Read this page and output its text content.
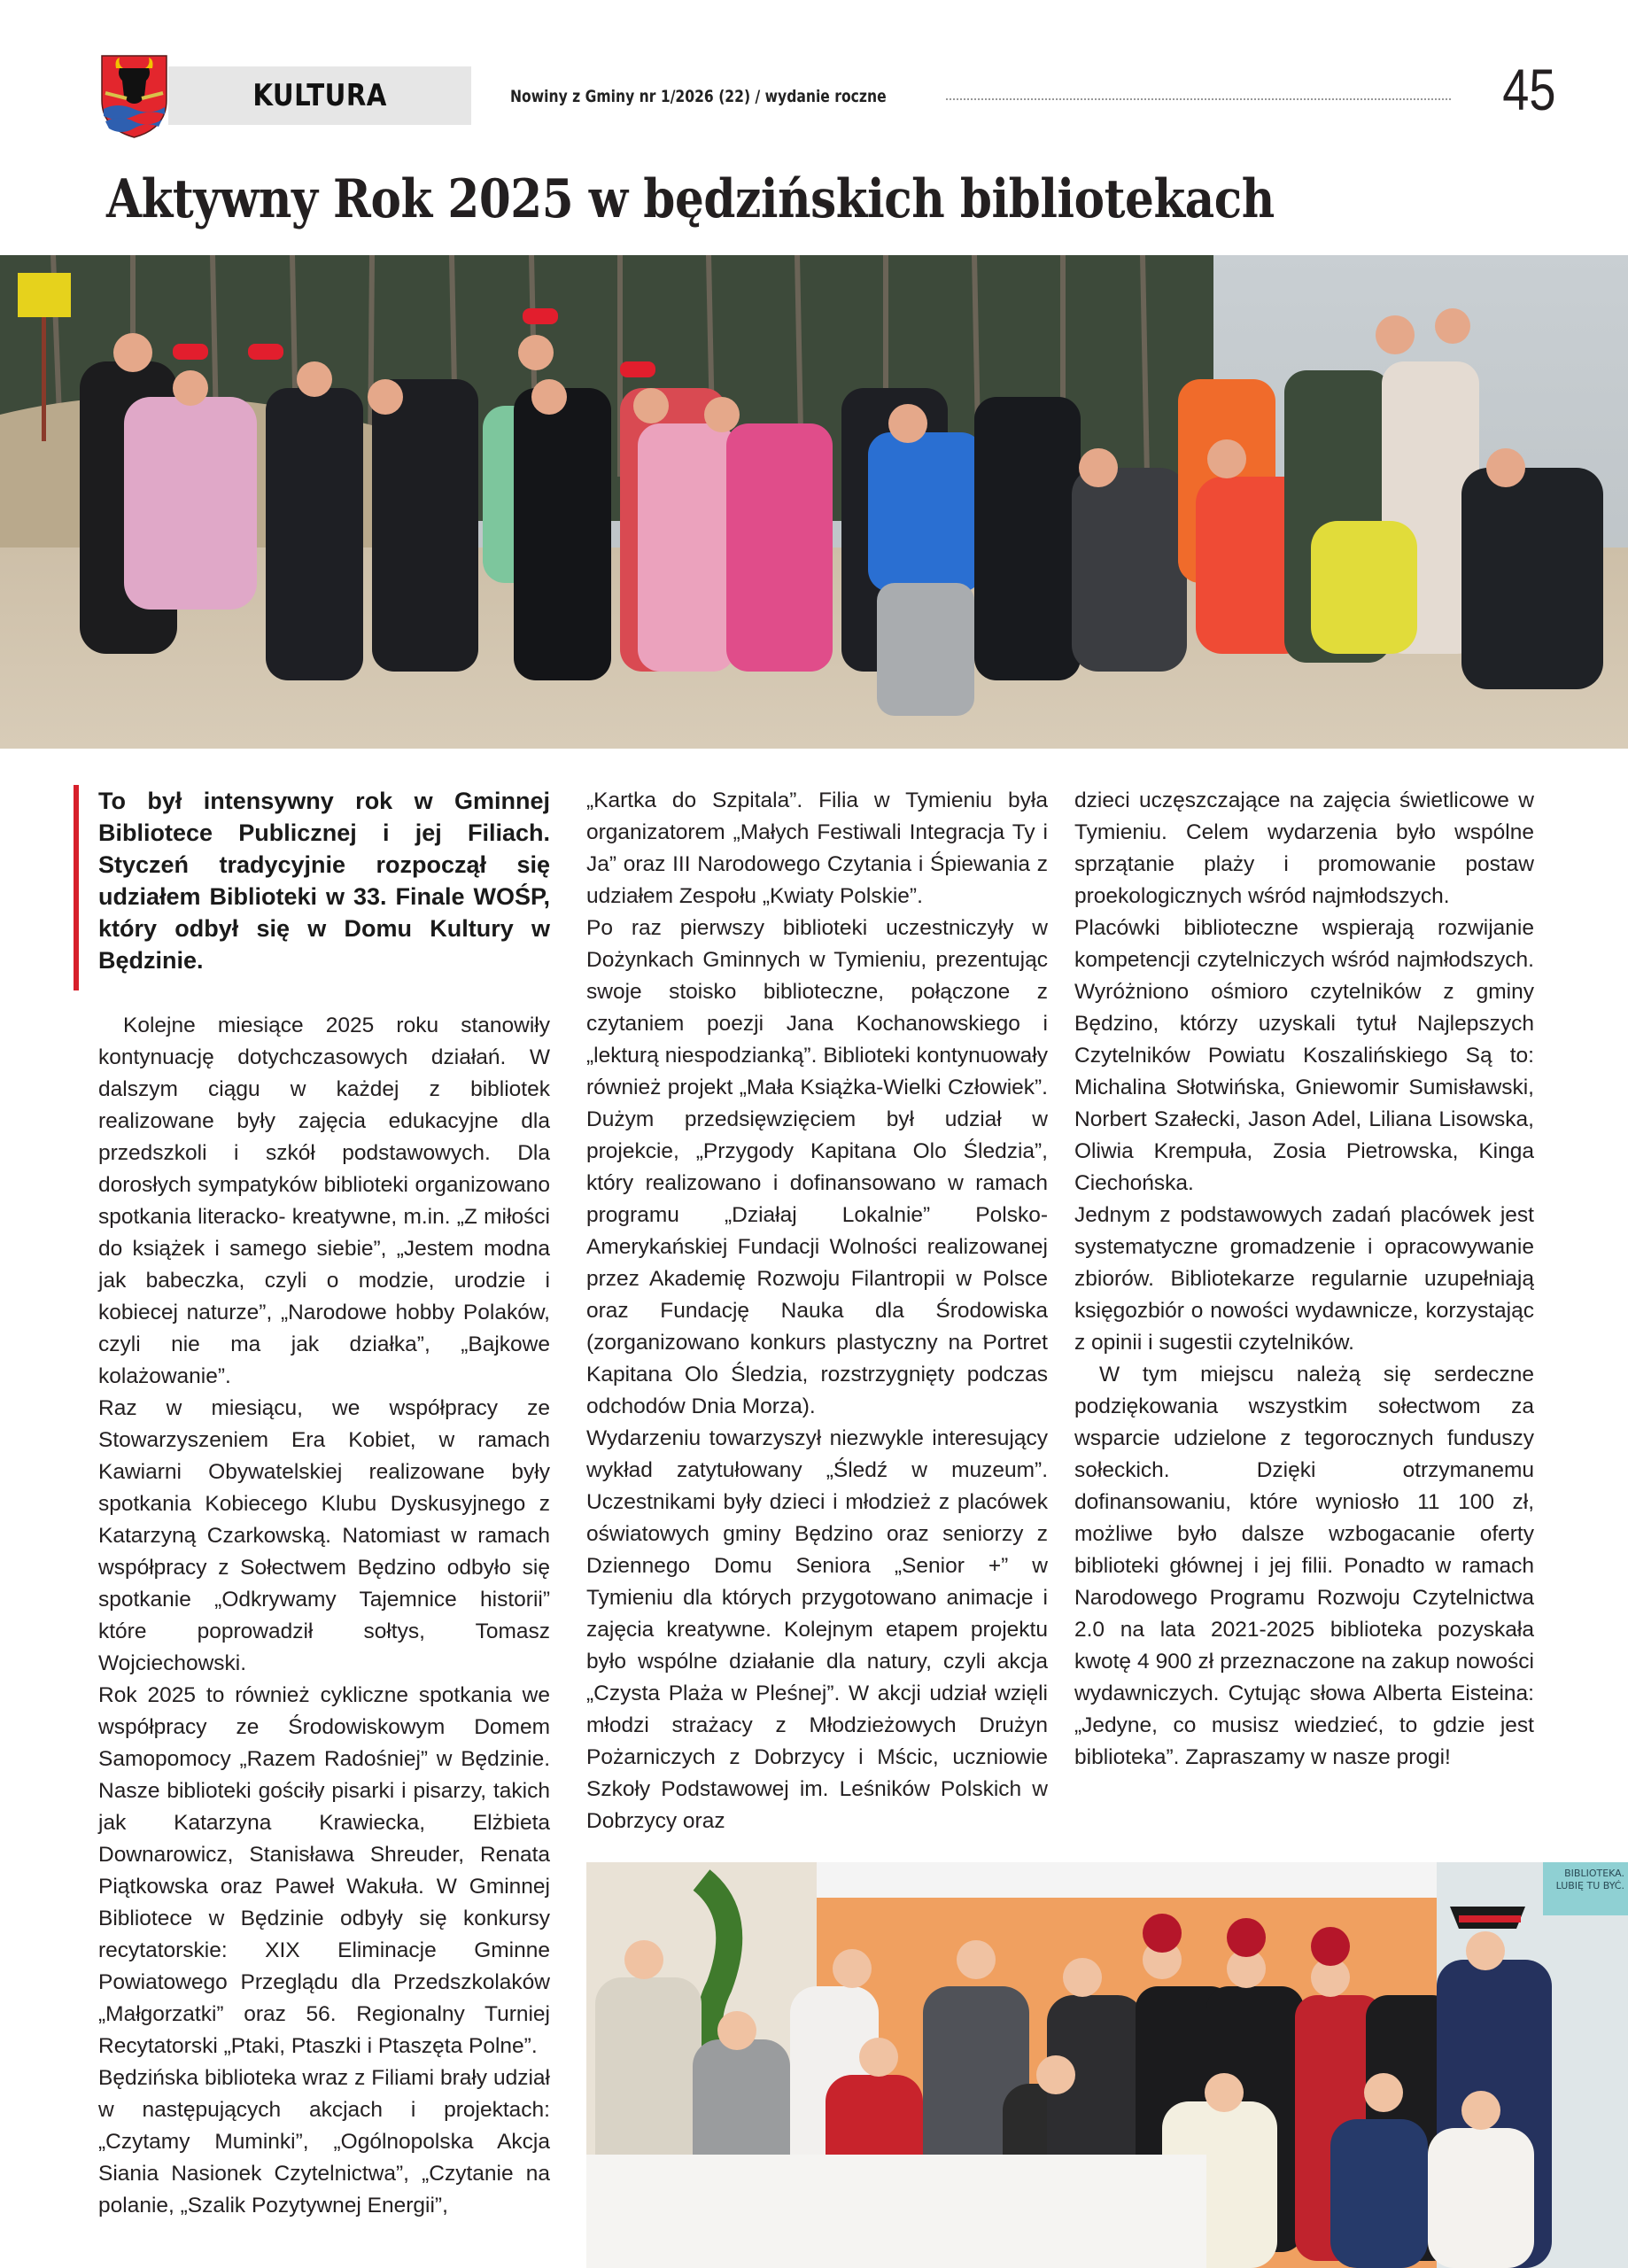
KULTURA	Nowiny z Gminy nr 1/2026 (22) / wydanie roczne	45
Aktywny Rok 2025 w będzińskich bibliotekach

To był intensywny rok w Gminnej Bibliotece Publicznej i jej Filiach. Styczeń tradycyjnie rozpoczął się udziałem Biblioteki w 33. Finale WOŚP, który odbył się w Domu Kultury w Będzinie.

Kolejne miesiące 2025 roku stanowiły kontynuację dotychczasowych działań. W dalszym ciągu w każdej z bibliotek realizowane były zajęcia edukacyjne dla przedszkoli i szkół podstawowych. Dla dorosłych sympatyków biblioteki organizowano spotkania literacko- kreatywne, m.in. „Z miłości do książek i samego siebie”, „Jestem modna jak babeczka, czyli o modzie, urodzie i kobiecej naturze”, „Narodowe hobby Polaków, czyli nie ma jak działka”, „Bajkowe kolażowanie”.

Raz w miesiącu, we współpracy ze Stowarzyszeniem Era Kobiet, w ramach Kawiarni Obywatelskiej realizowane były spotkania Kobiecego Klubu Dyskusyjnego z Katarzyną Czarkowską. Natomiast w ramach współpracy z Sołectwem Będzino odbyło się spotkanie „Odkrywamy Tajemnice historii” które poprowadził sołtys, Tomasz Wojciechowski.

Rok 2025 to również cykliczne spotkania we współpracy ze Środowiskowym Domem Samopomocy „Razem Radośniej” w Będzinie. Nasze biblioteki gościły pisarki i pisarzy, takich jak Katarzyna Krawiecka, Elżbieta Downarowicz, Stanisława Shreuder, Renata Piątkowska oraz Paweł Wakuła. W Gminnej Bibliotece w Będzinie odbyły się konkursy recytatorskie: XIX Eliminacje Gminne Powiatowego Przeglądu dla Przedszkolaków „Małgorzatki” oraz 56. Regionalny Turniej Recytatorski „Ptaki, Ptaszki i Ptaszęta Polne”.

Będzińska biblioteka wraz z Filiami brały udział w następujących akcjach i projektach: „Czytamy Muminki”, „Ogólnopolska Akcja Siania Nasionek Czytelnictwa”, „Czytanie na polanie, „Szalik Pozytywnej Energii”,

„Kartka do Szpitala”. Filia w Tymieniu była organizatorem „Małych Festiwali Integracja Ty i Ja” oraz III Narodowego Czytania i Śpiewania z udziałem Zespołu „Kwiaty Polskie”.

Po raz pierwszy biblioteki uczestniczyły w Dożynkach Gminnych w Tymieniu, prezentując swoje stoisko biblioteczne, połączone z czytaniem poezji Jana Kochanowskiego i „lekturą niespodzianką”. Biblioteki kontynuowały również projekt „Mała Książka-Wielki Człowiek”. Dużym przedsięwzięciem był udział w projekcie, „Przygody Kapitana Olo Śledzia”, który realizowano i dofinansowano w ramach programu „Działaj Lokalnie” Polsko-Amerykańskiej Fundacji Wolności realizowanej przez Akademię Rozwoju Filantropii w Polsce oraz Fundację Nauka dla Środowiska (zorganizowano konkurs plastyczny na Portret Kapitana Olo Śledzia, rozstrzygnięty podczas odchodów Dnia Morza).

Wydarzeniu towarzyszył niezwykle interesujący wykład zatytułowany „Śledź w muzeum”. Uczestnikami były dzieci i młodzież z placówek oświatowych gminy Będzino oraz seniorzy z Dziennego Domu Seniora „Senior +” w Tymieniu dla których przygotowano animacje i zajęcia kreatywne. Kolejnym etapem projektu było wspólne działanie dla natury, czyli akcja „Czysta Plaża w Pleśnej”. W akcji udział wzięli młodzi strażacy z Młodzieżowych Drużyn Pożarniczych z Dobrzycy i Mścic, uczniowie Szkoły Podstawowej im. Leśników Polskich w Dobrzycy oraz

dzieci uczęszczające na zajęcia świetlicowe w Tymieniu. Celem wydarzenia było wspólne sprzątanie plaży i promowanie postaw proekologicznych wśród najmłodszych.

Placówki biblioteczne wspierają rozwijanie kompetencji czytelniczych wśród najmłodszych. Wyróżniono ośmioro czytelników z gminy Będzino, którzy uzyskali tytuł Najlepszych Czytelników Powiatu Koszalińskiego Są to: Michalina Słotwińska, Gniewomir Sumisławski, Norbert Szałecki, Jason Adel, Liliana Lisowska, Oliwia Krempuła, Zosia Pietrowska, Kinga Ciechońska.

Jednym z podstawowych zadań placówek jest systematyczne gromadzenie i opracowywanie zbiorów. Bibliotekarze regularnie uzupełniają księgozbiór o nowości wydawnicze, korzystając z opinii i sugestii czytelników.

W tym miejscu należą się serdeczne podziękowania wszystkim sołectwom za wsparcie udzielone z tegorocznych funduszy sołeckich. Dzięki otrzymanemu dofinansowaniu, które wyniosło 11 100 zł, możliwe było dalsze wzbogacanie oferty biblioteki głównej i jej filii. Ponadto w ramach Narodowego Programu Rozwoju Czytelnictwa 2.0 na lata 2021-2025 biblioteka pozyskała kwotę 4 900 zł przeznaczone na zakup nowości wydawniczych. Cytując słowa Alberta Eisteina: „Jedyne, co musisz wiedzieć, to gdzie jest biblioteka”. Zapraszamy w nasze progi!

BIBLIOTEKA.
LUBIĘ TU BYĆ.
